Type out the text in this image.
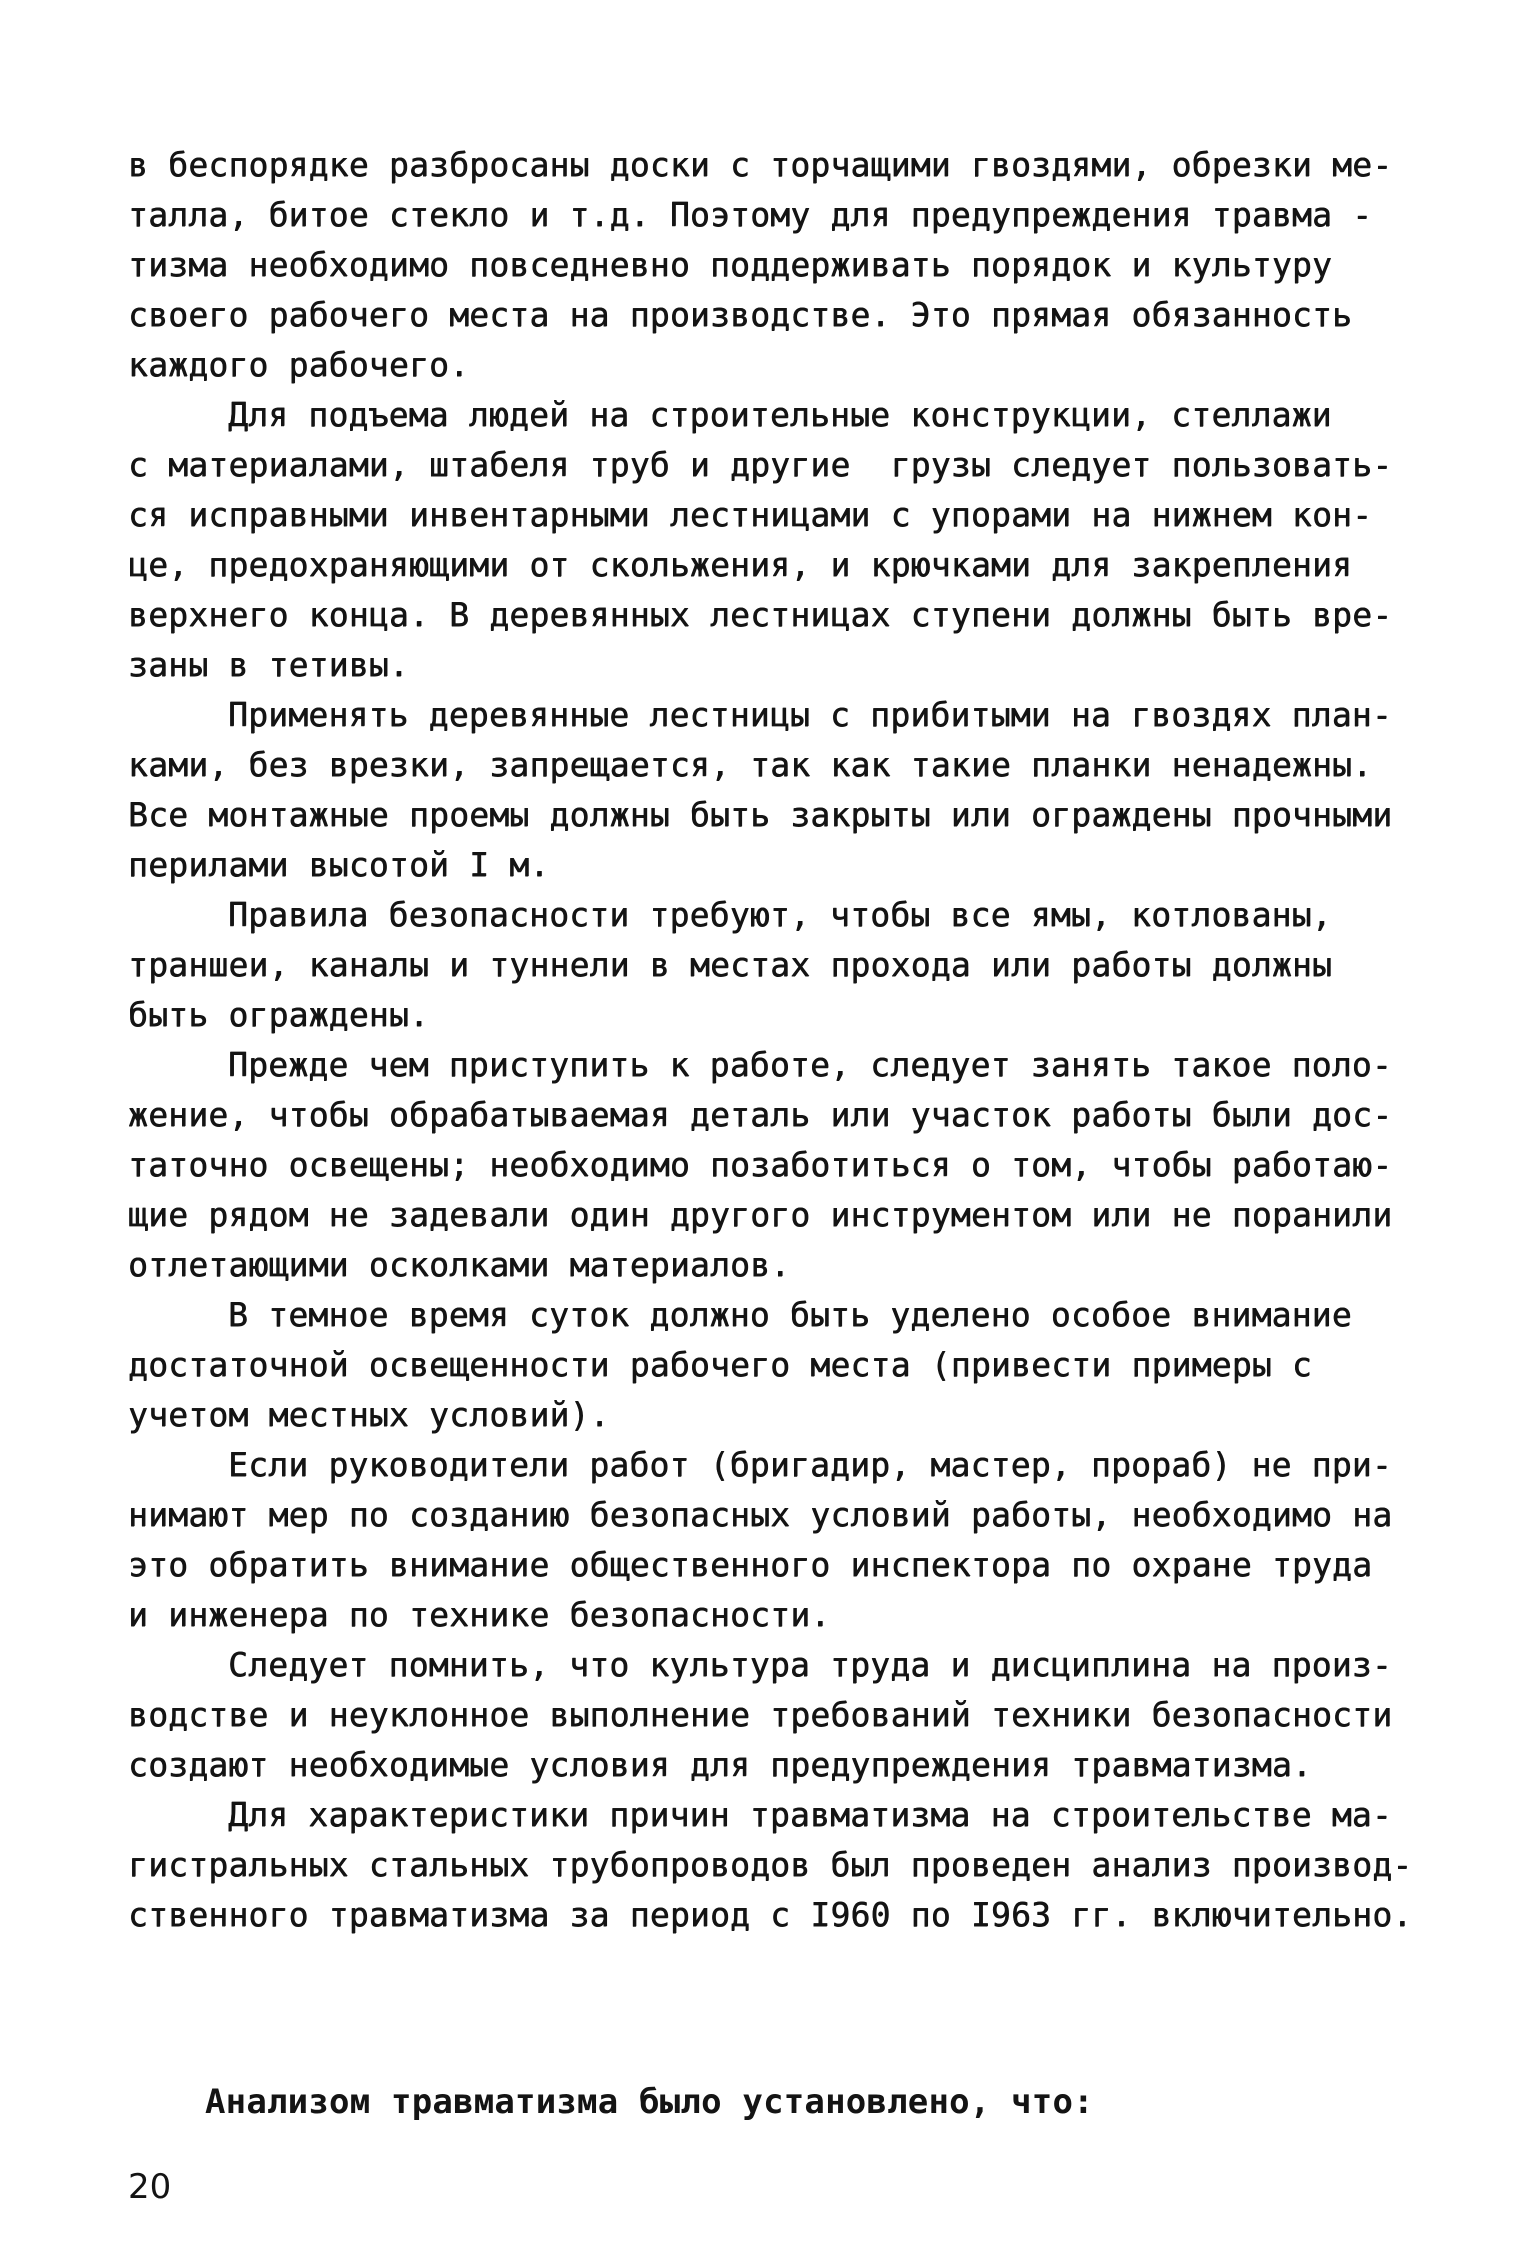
в беспорядке разбросаны доски с торчащими гвоздями, обрезки ме-
талла, битое стекло и т.д. Поэтому для предупреждения травма -
тизма необходимо повседневно поддерживать порядок и культуру
своего рабочего места на производстве. Это прямая обязанность
каждого рабочего.
Для подъема людей на строительные конструкции, стеллажи
с материалами, штабеля труб и другие  грузы следует пользовать-
ся исправными инвентарными лестницами с упорами на нижнем кон-
це, предохраняющими от скольжения, и крючками для закрепления
верхнего конца. В деревянных лестницах ступени должны быть вре-
заны в тетивы.
Применять деревянные лестницы с прибитыми на гвоздях план-
ками, без врезки, запрещается, так как такие планки ненадежны.
Все монтажные проемы должны быть закрыты или ограждены прочными
перилами высотой I м.
Правила безопасности требуют, чтобы все ямы, котлованы,
траншеи, каналы и туннели в местах прохода или работы должны
быть ограждены.
Прежде чем приступить к работе, следует занять такое поло-
жение, чтобы обрабатываемая деталь или участок работы были дос-
таточно освещены; необходимо позаботиться о том, чтобы работаю-
щие рядом не задевали один другого инструментом или не поранили
отлетающими осколками материалов.
В темное время суток должно быть уделено особое внимание
достаточной освещенности рабочего места (привести примеры с
учетом местных условий).
Если руководители работ (бригадир, мастер, прораб) не при-
нимают мер по созданию безопасных условий работы, необходимо на
это обратить внимание общественного инспектора по охране труда
и инженера по технике безопасности.
Следует помнить, что культура труда и дисциплина на произ-
водстве и неуклонное выполнение требований техники безопасности
создают необходимые условия для предупреждения травматизма.
Для характеристики причин травматизма на строительстве ма-
гистральных стальных трубопроводов был проведен анализ производ-
ственного травматизма за период с I960 по I963 гг. включительно.
Анализом травматизма было установлено, что:
20
